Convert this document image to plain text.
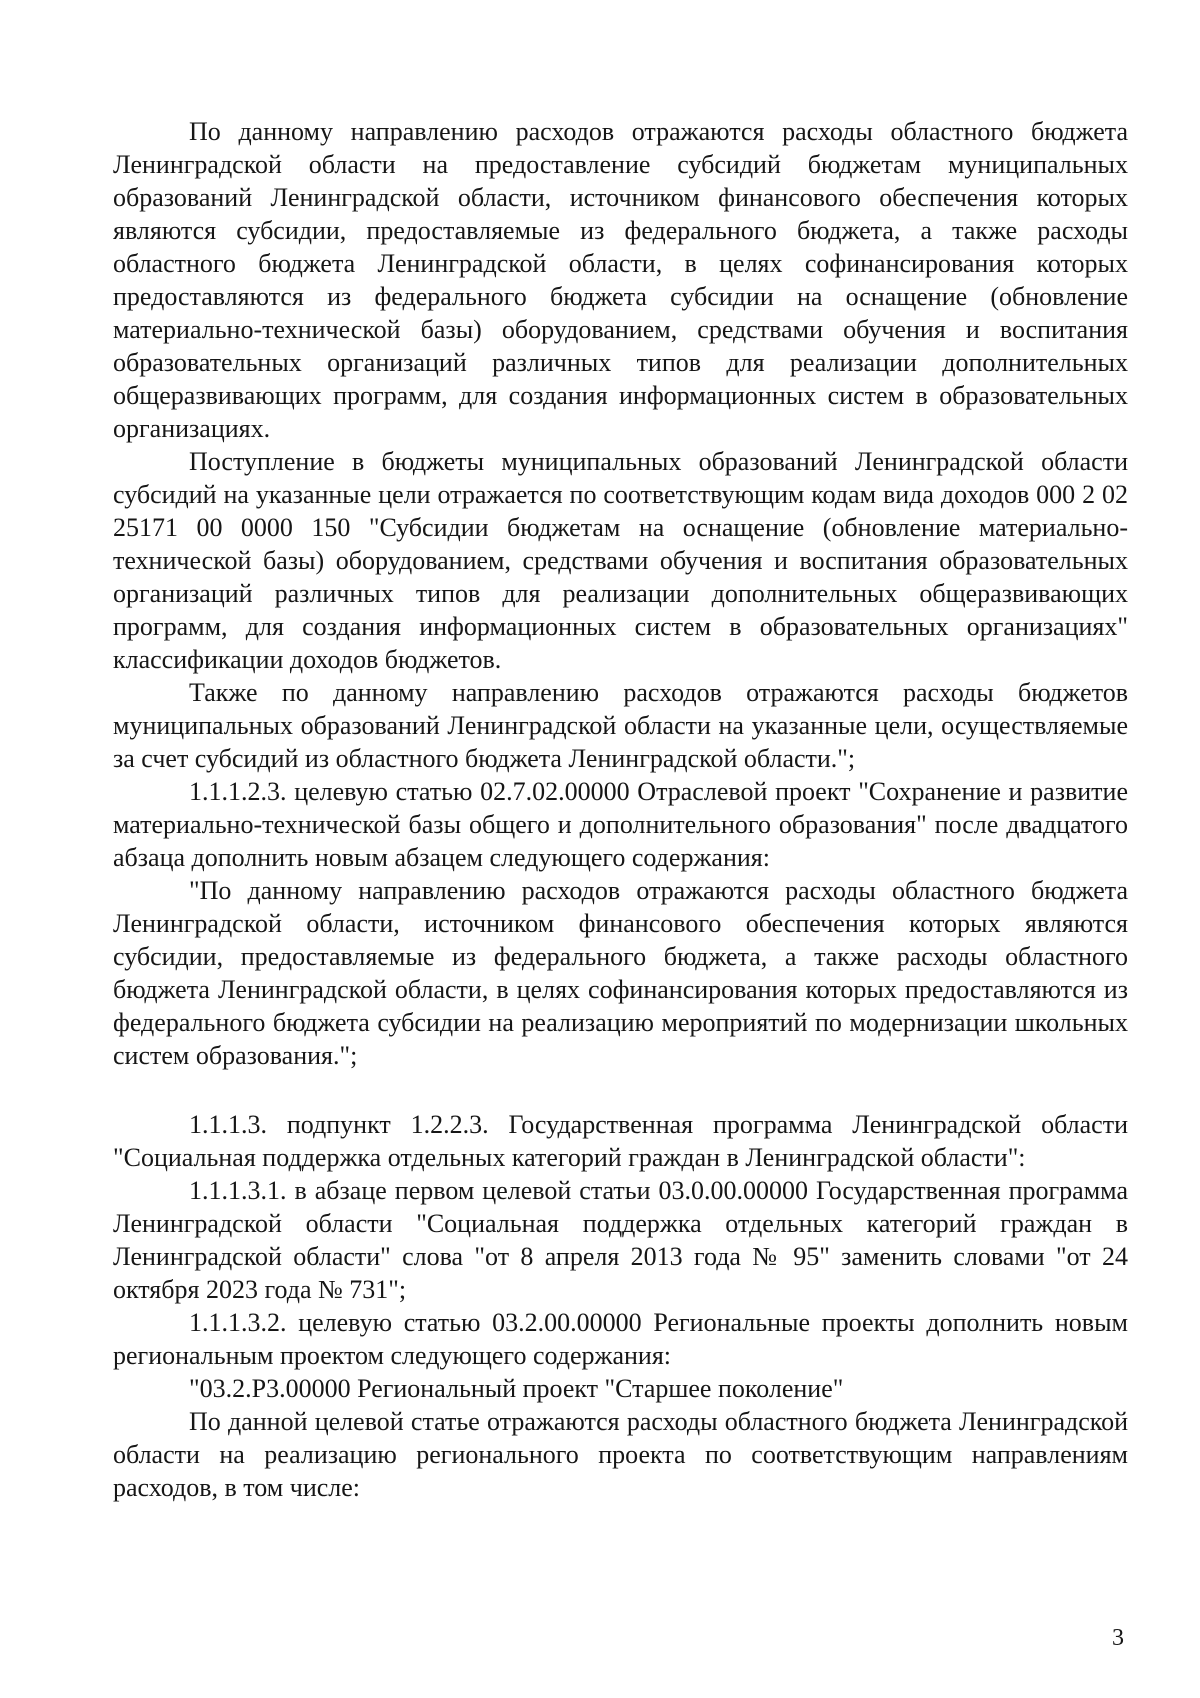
По данному направлению расходов отражаются расходы областного бюджета Ленинградской области на предоставление субсидий бюджетам муниципальных образований Ленинградской области, источником финансового обеспечения которых являются субсидии, предоставляемые из федерального бюджета, а также расходы областного бюджета Ленинградской области, в целях софинансирования которых предоставляются из федерального бюджета субсидии на оснащение (обновление материально-технической базы) оборудованием, средствами обучения и воспитания образовательных организаций различных типов для реализации дополнительных общеразвивающих программ, для создания информационных систем в образовательных организациях.

Поступление в бюджеты муниципальных образований Ленинградской области субсидий на указанные цели отражается по соответствующим кодам вида доходов 000 2 02 25171 00 0000 150 "Субсидии бюджетам на оснащение (обновление материально-технической базы) оборудованием, средствами обучения и воспитания образовательных организаций различных типов для реализации дополнительных общеразвивающих программ, для создания информационных систем в образовательных организациях" классификации доходов бюджетов.

Также по данному направлению расходов отражаются расходы бюджетов муниципальных образований Ленинградской области на указанные цели, осуществляемые за счет субсидий из областного бюджета Ленинградской области.";

1.1.1.2.3. целевую статью 02.7.02.00000 Отраслевой проект "Сохранение и развитие материально-технической базы общего и дополнительного образования" после двадцатого абзаца дополнить новым абзацем следующего содержания:

"По данному направлению расходов отражаются расходы областного бюджета Ленинградской области, источником финансового обеспечения которых являются субсидии, предоставляемые из федерального бюджета, а также расходы областного бюджета Ленинградской области, в целях софинансирования которых предоставляются из федерального бюджета субсидии на реализацию мероприятий по модернизации школьных систем образования.";

1.1.1.3. подпункт 1.2.2.3. Государственная программа Ленинградской области "Социальная поддержка отдельных категорий граждан в Ленинградской области":

1.1.1.3.1. в абзаце первом целевой статьи 03.0.00.00000 Государственная программа Ленинградской области "Социальная поддержка отдельных категорий граждан в Ленинградской области" слова "от 8 апреля 2013 года № 95" заменить словами "от 24 октября 2023 года № 731";

1.1.1.3.2. целевую статью 03.2.00.00000 Региональные проекты дополнить новым региональным проектом следующего содержания:

"03.2.Р3.00000 Региональный проект "Старшее поколение"

По данной целевой статье отражаются расходы областного бюджета Ленинградской области на реализацию регионального проекта по соответствующим направлениям расходов, в том числе:

3
